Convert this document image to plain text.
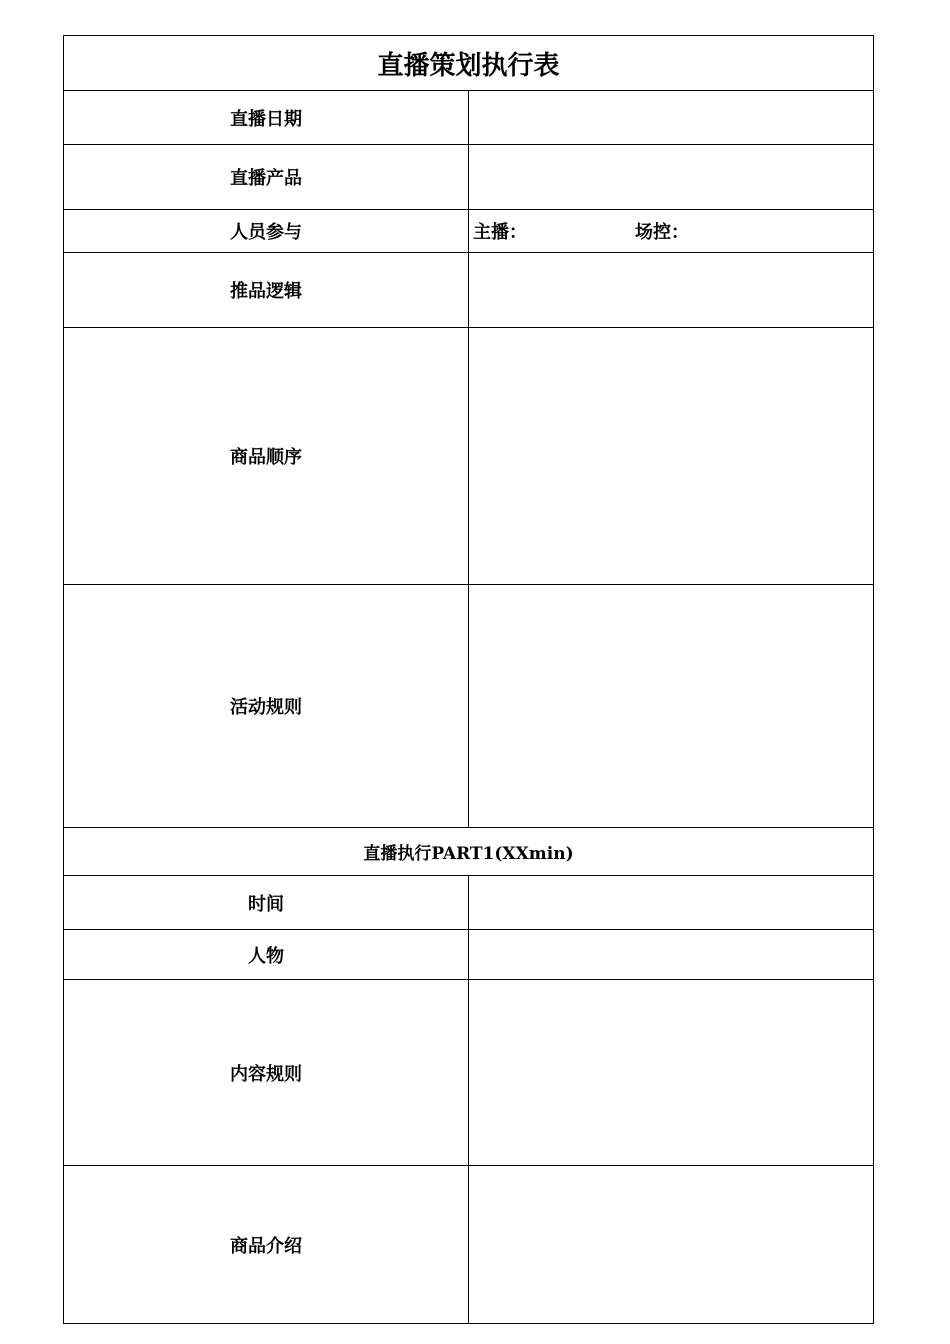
直播策划执行表	
直播日期	
直播产品	
人员参与	主播： 场控：

推品逻辑	
商品顺序	
活动规则	
直播执行PART1(XXmin)	
时间	
人物	
内容规则	
商品介绍	
